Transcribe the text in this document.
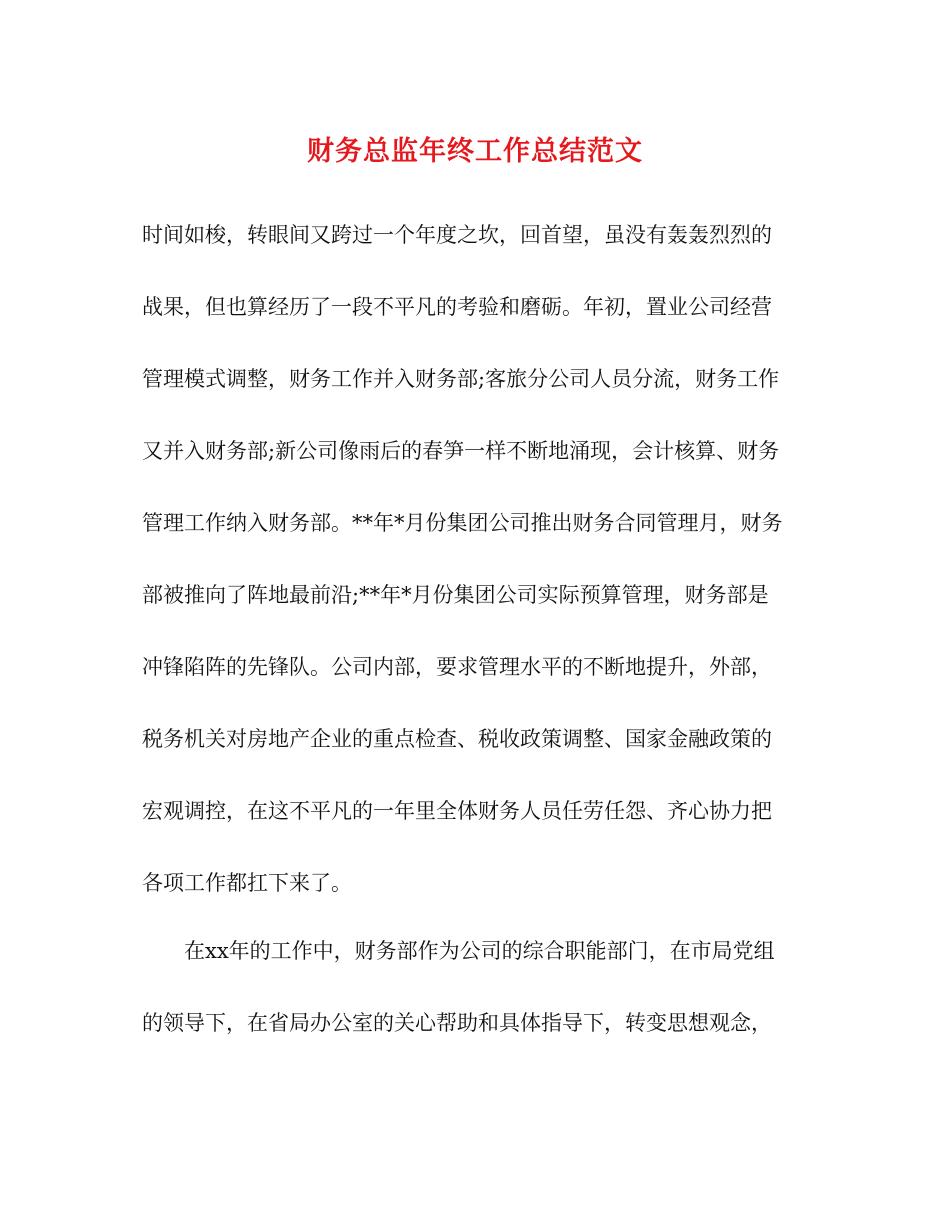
财务总监年终工作总结范文
时间如梭，转眼间又跨过一个年度之坎，回首望，虽没有轰轰烈烈的
战果，但也算经历了一段不平凡的考验和磨砺。年初，置业公司经营
管理模式调整，财务工作并入财务部;客旅分公司人员分流，财务工作
又并入财务部;新公司像雨后的春笋一样不断地涌现，会计核算、财务
管理工作纳入财务部。**年*月份集团公司推出财务合同管理月，财务
部被推向了阵地最前沿;**年*月份集团公司实际预算管理，财务部是
冲锋陷阵的先锋队。公司内部，要求管理水平的不断地提升，外部，
税务机关对房地产企业的重点检查、税收政策调整、国家金融政策的
宏观调控，在这不平凡的一年里全体财务人员任劳任怨、齐心协力把
各项工作都扛下来了。
在xx年的工作中，财务部作为公司的综合职能部门，在市局党组
的领导下，在省局办公室的关心帮助和具体指导下，转变思想观念，
